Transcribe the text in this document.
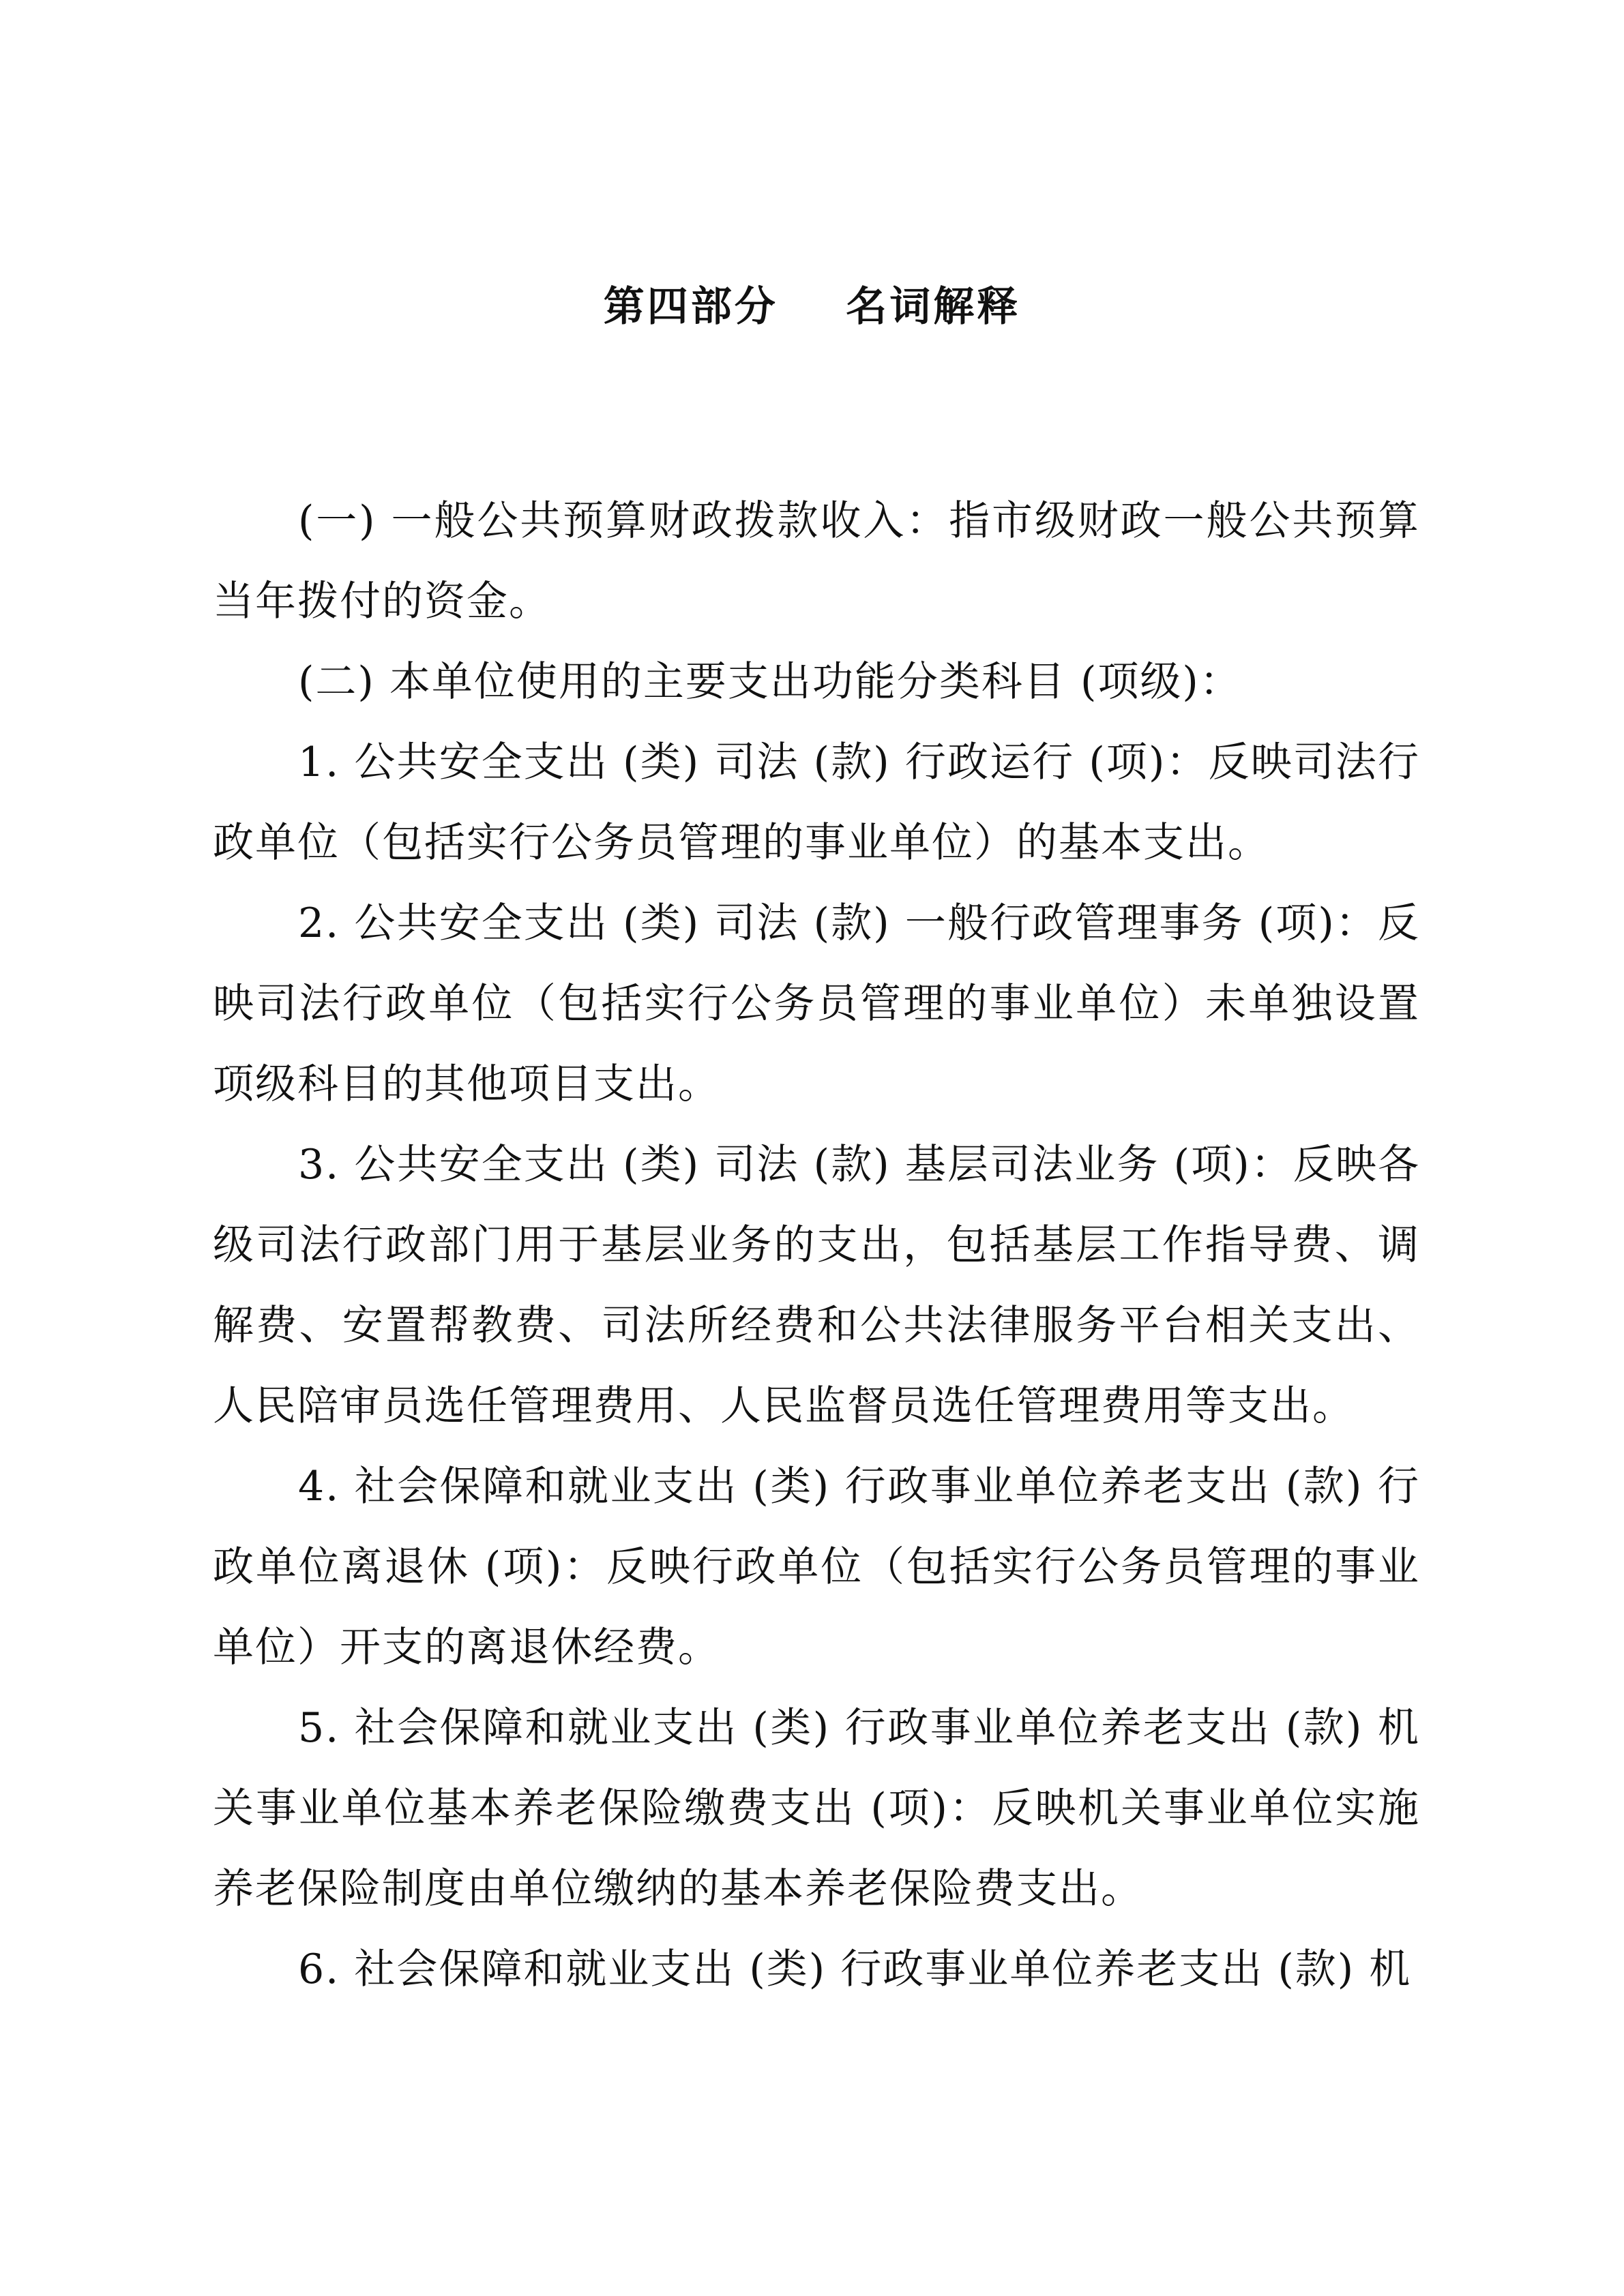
第四部分    名词解释

(一) 一般公共预算财政拨款收入：指市级财政一般公共预算当年拨付的资金。

(二) 本单位使用的主要支出功能分类科目 (项级)：

1. 公共安全支出 (类) 司法 (款) 行政运行 (项)：反映司法行政单位（包括实行公务员管理的事业单位）的基本支出。

2. 公共安全支出 (类) 司法 (款) 一般行政管理事务 (项)：反映司法行政单位（包括实行公务员管理的事业单位）未单独设置项级科目的其他项目支出。

3. 公共安全支出 (类) 司法 (款) 基层司法业务 (项)：反映各级司法行政部门用于基层业务的支出，包括基层工作指导费、调解费、安置帮教费、司法所经费和公共法律服务平台相关支出、人民陪审员选任管理费用、人民监督员选任管理费用等支出。

4. 社会保障和就业支出 (类) 行政事业单位养老支出 (款) 行政单位离退休 (项)：反映行政单位（包括实行公务员管理的事业单位）开支的离退休经费。

5. 社会保障和就业支出 (类) 行政事业单位养老支出 (款) 机关事业单位基本养老保险缴费支出 (项)：反映机关事业单位实施养老保险制度由单位缴纳的基本养老保险费支出。

6. 社会保障和就业支出 (类) 行政事业单位养老支出 (款) 机
